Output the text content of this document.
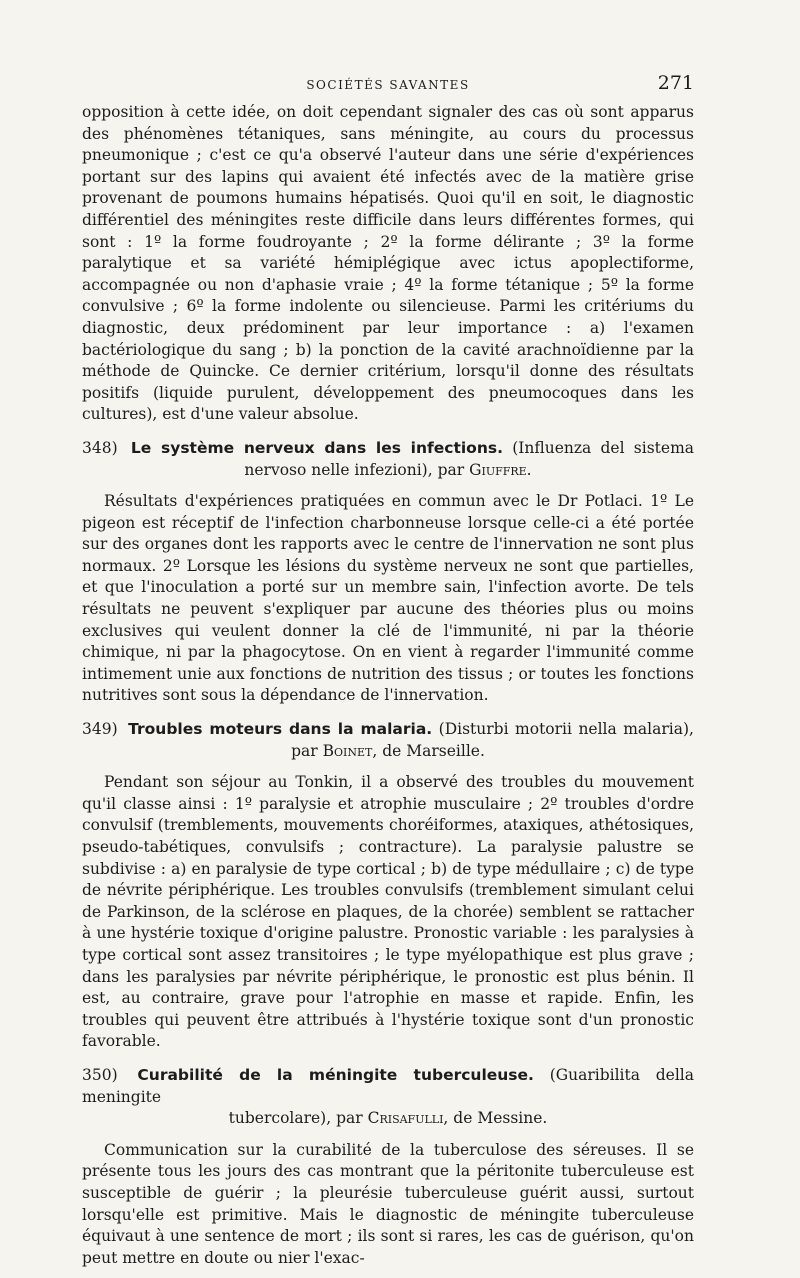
SOCIÉTÉS SAVANTES	271

opposition à cette idée, on doit cependant signaler des cas où sont apparus des phénomènes tétaniques, sans méningite, au cours du processus pneumonique ; c'est ce qu'a observé l'auteur dans une série d'expériences portant sur des lapins qui avaient été infectés avec de la matière grise provenant de poumons humains hépatisés. Quoi qu'il en soit, le diagnostic différentiel des méningites reste difficile dans leurs différentes formes, qui sont : 1º la forme foudroyante ; 2º la forme délirante ; 3º la forme paralytique et sa variété hémiplégique avec ictus apoplectiforme, accompagnée ou non d'aphasie vraie ; 4º la forme tétanique ; 5º la forme convulsive ; 6º la forme indolente ou silencieuse. Parmi les critériums du diagnostic, deux prédominent par leur importance : a) l'examen bactériologique du sang ; b) la ponction de la cavité arachnoïdienne par la méthode de Quincke. Ce dernier critérium, lorsqu'il donne des résultats positifs (liquide purulent, développement des pneumocoques dans les cultures), est d'une valeur absolue.

348) Le système nerveux dans les infections. (Influenza del sistema
nervoso nelle infezioni), par Giuffre.

Résultats d'expériences pratiquées en commun avec le Dr Potlaci. 1º Le pigeon est réceptif de l'infection charbonneuse lorsque celle-ci a été portée sur des organes dont les rapports avec le centre de l'innervation ne sont plus normaux. 2º Lorsque les lésions du système nerveux ne sont que partielles, et que l'inoculation a porté sur un membre sain, l'infection avorte. De tels résultats ne peuvent s'expliquer par aucune des théories plus ou moins exclusives qui veulent donner la clé de l'immunité, ni par la théorie chimique, ni par la phagocytose. On en vient à regarder l'immunité comme intimement unie aux fonctions de nutrition des tissus ; or toutes les fonctions nutritives sont sous la dépendance de l'innervation.

349) Troubles moteurs dans la malaria. (Disturbi motorii nella malaria),
par Boinet, de Marseille.

Pendant son séjour au Tonkin, il a observé des troubles du mouvement qu'il classe ainsi : 1º paralysie et atrophie musculaire ; 2º troubles d'ordre convulsif (tremblements, mouvements choréiformes, ataxiques, athétosiques, pseudo-tabétiques, convulsifs ; contracture). La paralysie palustre se subdivise : a) en paralysie de type cortical ; b) de type médullaire ; c) de type de névrite périphérique. Les troubles convulsifs (tremblement simulant celui de Parkinson, de la sclérose en plaques, de la chorée) semblent se rattacher à une hystérie toxique d'origine palustre. Pronostic variable : les paralysies à type cortical sont assez transitoires ; le type myélopathique est plus grave ; dans les paralysies par névrite périphérique, le pronostic est plus bénin. Il est, au contraire, grave pour l'atrophie en masse et rapide. Enfin, les troubles qui peuvent être attribués à l'hystérie toxique sont d'un pronostic favorable.

350) Curabilité de la méningite tuberculeuse. (Guaribilita della meningite
tubercolare), par Crisafulli, de Messine.

Communication sur la curabilité de la tuberculose des séreuses. Il se présente tous les jours des cas montrant que la péritonite tuberculeuse est susceptible de guérir ; la pleurésie tuberculeuse guérit aussi, surtout lorsqu'elle est primitive. Mais le diagnostic de méningite tuberculeuse équivaut à une sentence de mort ; ils sont si rares, les cas de guérison, qu'on peut mettre en doute ou nier l'exac-
